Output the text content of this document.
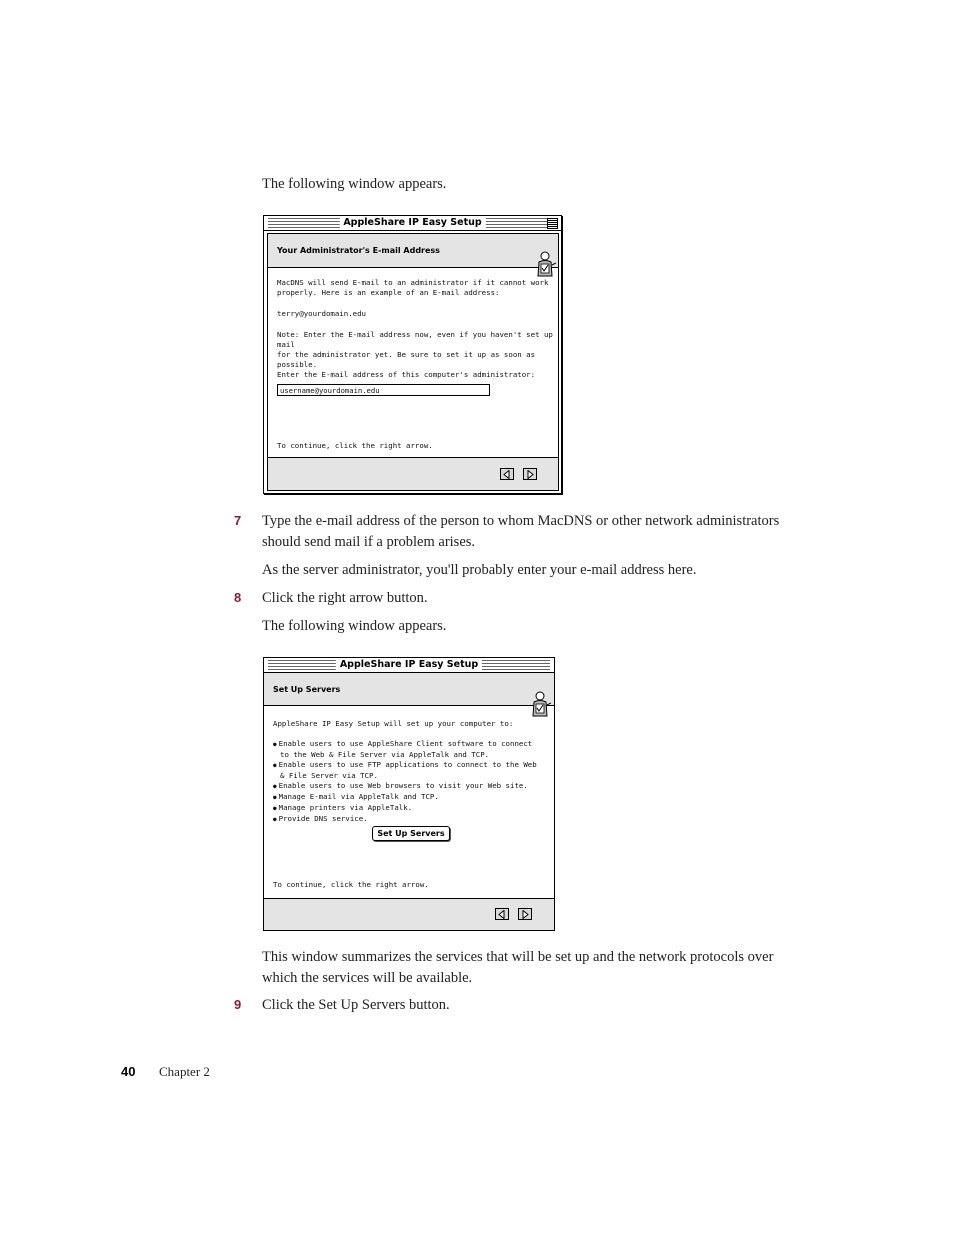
The following window appears.

AppleShare IP Easy Setup
Your Administrator's E-mail Address

MacDNS will send E-mail to an administrator if it cannot work
properly. Here is an example of an E-mail address:

terry@yourdomain.edu

Note: Enter the E-mail address now, even if you haven't set up mail
for the administrator yet. Be sure to set it up as soon as possible.

Enter the E-mail address of this computer's administrator:

username@yourdomain.edu

To continue, click the right arrow.

7 Type the e-mail address of the person to whom MacDNS or other network administrators should send mail if a problem arises.

As the server administrator, you'll probably enter your e-mail address here.

8 Click the right arrow button.

The following window appears.

AppleShare IP Easy Setup
Set Up Servers

AppleShare IP Easy Setup will set up your computer to:

● Enable users to use AppleShare Client software to connect to the Web & File Server via AppleTalk and TCP.
● Enable users to use FTP applications to connect to the Web & File Server via TCP.
● Enable users to use Web browsers to visit your Web site.
● Manage E-mail via AppleTalk and TCP.
● Manage printers via AppleTalk.
● Provide DNS service.
Set Up Servers

To continue, click the right arrow.

This window summarizes the services that will be set up and the network protocols over which the services will be available.

9 Click the Set Up Servers button.

40 Chapter 2
